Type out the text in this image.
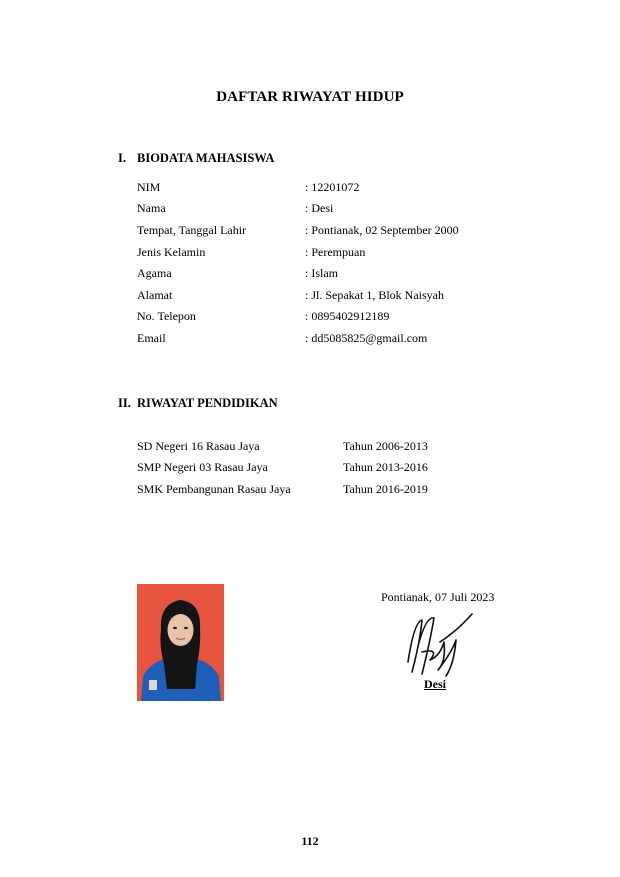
DAFTAR RIWAYAT HIDUP
I. BIODATA MAHASISWA
NIM	: 12201072
Nama	: Desi
Tempat, Tanggal Lahir	: Pontianak, 02 September 2000
Jenis Kelamin	: Perempuan
Agama	: Islam
Alamat	: Jl. Sepakat 1, Blok Naisyah
No. Telepon	: 0895402912189
Email	: dd5085825@gmail.com
II. RIWAYAT PENDIDIKAN
SD Negeri 16 Rasau Jaya	Tahun 2006-2013
SMP Negeri 03 Rasau Jaya	Tahun 2013-2016
SMK Pembangunan Rasau Jaya	Tahun 2016-2019
Pontianak, 07 Juli 2023
Desi
112
